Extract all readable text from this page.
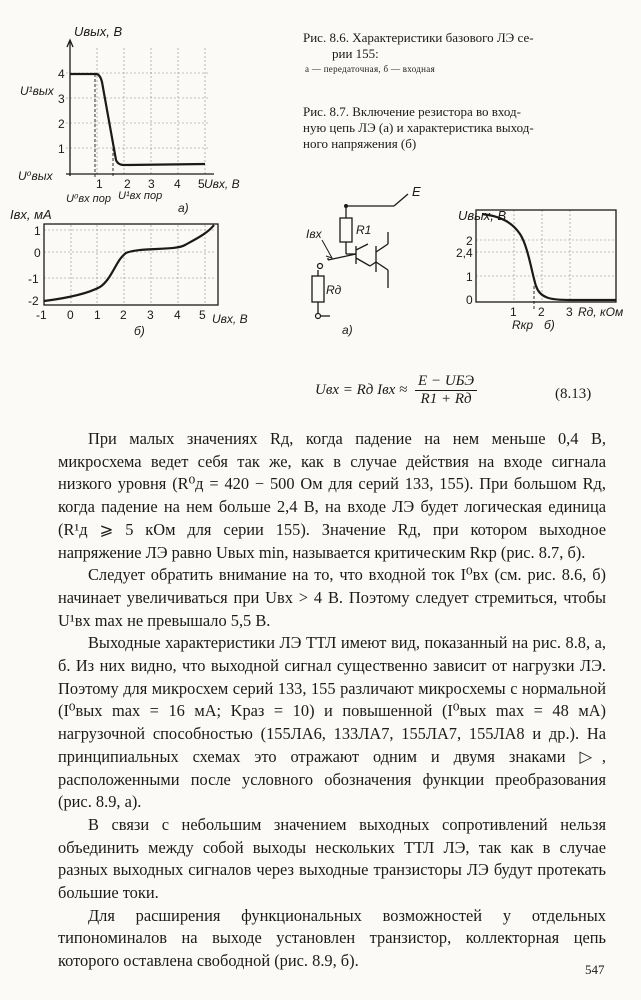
Uвых, В
Uвх, В
4
3
2
1
1 2 3 4 5
U¹вых
U⁰вых
U⁰вх пор U¹вх пор
а)
Iвх, мА
1
0
-1
-2
-1 0 1 2 3 4 5 Uвх, В
б)
Рис. 8.6. Характеристики базового ЛЭ се-
рии 155:
а — передаточная, б — входная
Рис. 8.7. Включение резистора во вход-
ную цепь ЛЭ (а) и характеристика выход-
ного напряжения (б)
E
R1
Iвх
Rд
а)
Uвых, В
2
2,4
1
0
1 2 3 Rд, кОм
Rкр б)
Uвх = Rд Iвх ≈
E − UБЭ
R1 + Rд	(8.13)

При малых значениях Rд, когда падение на нем меньше 0,4 В, микросхема ведет себя так же, как в случае действия на входе сигнала низкого уровня (R⁰д = 420 − 500 Ом для серий 133, 155). При большом Rд, когда падение на нем больше 2,4 В, на входе ЛЭ будет логическая единица (R¹д ⩾ 5 кОм для серии 155). Значение Rд, при котором выходное напряжение ЛЭ равно Uвых min, называется критическим Rкр (рис. 8.7, б).

Следует обратить внимание на то, что входной ток I⁰вх (см. рис. 8.6, б) начинает увеличиваться при Uвх > 4 В. Поэтому следует стремиться, чтобы U¹вх max не превышало 5,5 В.

Выходные характеристики ЛЭ ТТЛ имеют вид, показанный на рис. 8.8, а, б. Из них видно, что выходной сигнал существенно зависит от нагрузки ЛЭ. Поэтому для микросхем серий 133, 155 различают микросхемы с нормальной (I⁰вых max = 16 мА; Kраз = 10) и повышенной (I⁰вых max = 48 мА) нагрузочной способностью (155ЛА6, 133ЛА7, 155ЛА7, 155ЛА8 и др.). На принципиальных схемах это отражают одним и двумя знаками ▷, расположенными после условного обозначения функции преобразования (рис. 8.9, а).

В связи с небольшим значением выходных сопротивлений нельзя объединить между собой выходы нескольких ТТЛ ЛЭ, так как в случае разных выходных сигналов через выходные транзисторы ЛЭ будут протекать большие токи.

Для расширения функциональных возможностей у отдельных типономиналов на выходе установлен транзистор, коллекторная цепь которого оставлена свободной (рис. 8.9, б).	547
